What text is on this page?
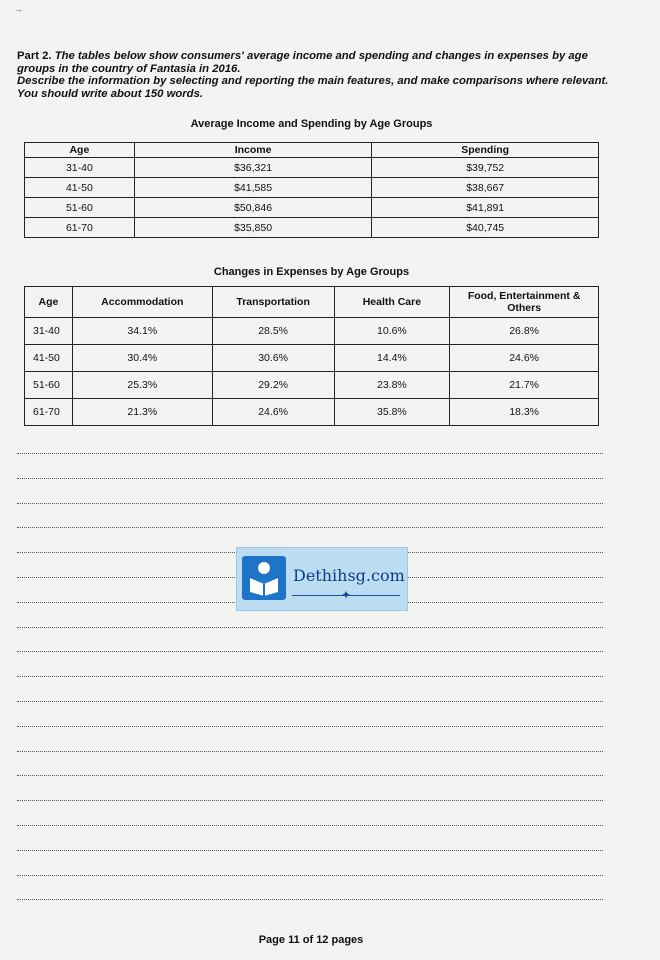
→
Part 2. The tables below show consumers' average income and spending and changes in expenses by age groups in the country of Fantasia in 2016.
Describe the information by selecting and reporting the main features, and make comparisons where relevant. You should write about 150 words.
Average Income and Spending by Age Groups
Age	Income	Spending
31-40	$36,321	$39,752
41-50	$41,585	$38,667
51-60	$50,846	$41,891
61-70	$35,850	$40,745
Changes in Expenses by Age Groups
Age	Accommodation	Transportation	Health Care	Food, Entertainment & Others
31-40	34.1%	28.5%	10.6%	26.8%
41-50	30.4%	30.6%	14.4%	24.6%
51-60	25.3%	29.2%	23.8%	21.7%
61-70	21.3%	24.6%	35.8%	18.3%
Dethihsg.com
✦
Page 11 of 12 pages
